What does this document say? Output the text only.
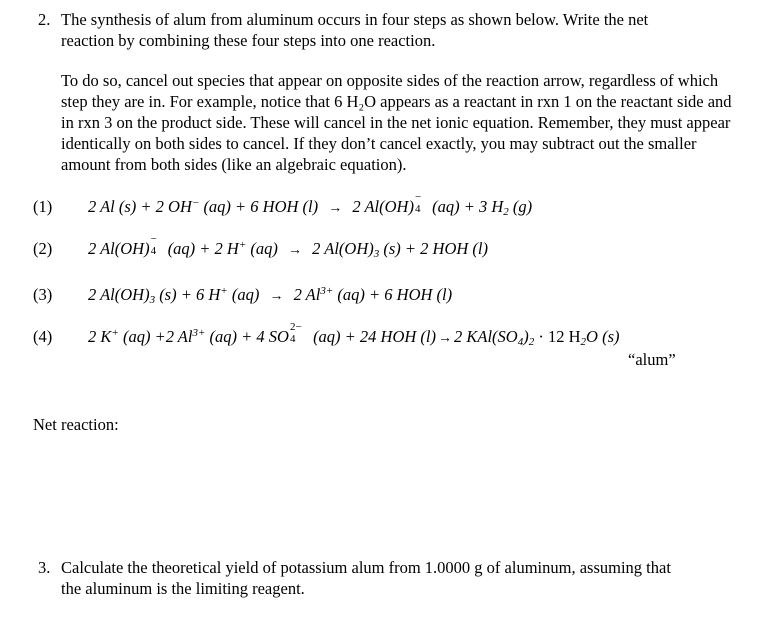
2. The synthesis of alum from aluminum occurs in four steps as shown below. Write the net
reaction by combining these four steps into one reaction.
To do so, cancel out species that appear on opposite sides of the reaction arrow, regardless of which step they are in. For example, notice that 6 H₂O appears as a reactant in rxn 1 on the reactant side and in rxn 3 on the product side. These will cancel in the net ionic equation. Remember, they must appear identically on both sides to cancel. If they don’t cancel exactly, you may subtract out the smaller amount from both sides (like an algebraic equation).
(1) 2 Al (s) + 2 OH− (aq) + 6 HOH (l) → 2 Al(OH) −
4 (aq) + 3 $H_2$ (g)
(2) 2 Al(OH) −
4 (aq) + 2 H+ (aq) → 2 $Al(OH)_3$ (s) + 2 HOH (l)
(3) 2 $Al(OH)_3$ (s) + 6 H+ (aq) → 2 $Al^{3+}$ (aq) + 6 HOH (l)
(4) 2 K+ (aq) +2 $Al^{3+}$ (aq) + 4 SO 2−
4 (aq) + 24 HOH (l) → 2 $KAl(SO_4)_2 \cdot 12$ $H_2O$ (s)
“alum”
Net reaction:
3. Calculate the theoretical yield of potassium alum from 1.0000 g of aluminum, assuming that
the aluminum is the limiting reagent.
